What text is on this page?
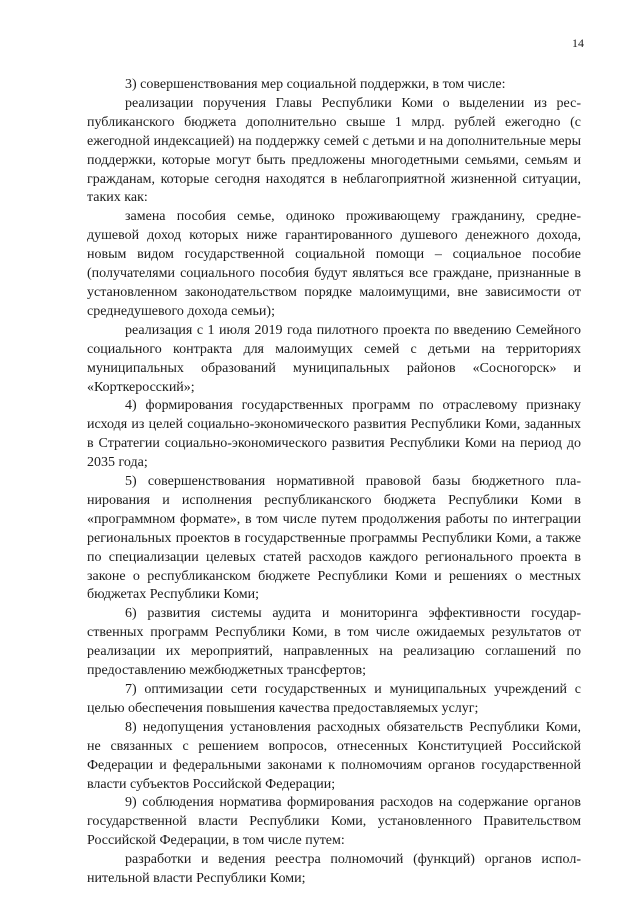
14

3) совершенствования мер социальной поддержки, в том числе:

реализации поручения Главы Республики Коми о выделении из республиканского бюджета дополнительно свыше 1 млрд. рублей ежегодно (с ежегодной индексацией) на поддержку семей с детьми и на дополнительные меры поддержки, которые могут быть предложены многодетными семьями, семьям и гражданам, которые сегодня находятся в неблагоприятной жизненной ситуации, таких как:

замена пособия семье, одиноко проживающему гражданину, среднедушевой доход которых ниже гарантированного душевого денежного дохода, новым видом государственной социальной помощи – социальное пособие (получателями социального пособия будут являться все граждане, признанные в установленном законодательством порядке малоимущими, вне зависимости от среднедушевого дохода семьи);

реализация с 1 июля 2019 года пилотного проекта по введению Семейного социального контракта для малоимущих семей с детьми на территориях муниципальных образований муниципальных районов «Сосногорск» и «Корткеросский»;

4) формирования государственных программ по отраслевому признаку исходя из целей социально-экономического развития Республики Коми, заданных в Стратегии социально-экономического развития Республики Коми на период до 2035 года;

5) совершенствования нормативной правовой базы бюджетного планирования и исполнения республиканского бюджета Республики Коми в «программном формате», в том числе путем продолжения работы по интеграции региональных проектов в государственные программы Республики Коми, а также по специализации целевых статей расходов каждого регионального проекта в законе о республиканском бюджете Республики Коми и решениях о местных бюджетах Республики Коми;

6) развития системы аудита и мониторинга эффективности государственных программ Республики Коми, в том числе ожидаемых результатов от реализации их мероприятий, направленных на реализацию соглашений по предоставлению межбюджетных трансфертов;

7) оптимизации сети государственных и муниципальных учреждений с целью обеспечения повышения качества предоставляемых услуг;

8) недопущения установления расходных обязательств Республики Коми, не связанных с решением вопросов, отнесенных Конституцией Российской Федерации и федеральными законами к полномочиям органов государственной власти субъектов Российской Федерации;

9) соблюдения норматива формирования расходов на содержание органов государственной власти Республики Коми, установленного Правительством Российской Федерации, в том числе путем:

разработки и ведения реестра полномочий (функций) органов исполнительной власти Республики Коми;
